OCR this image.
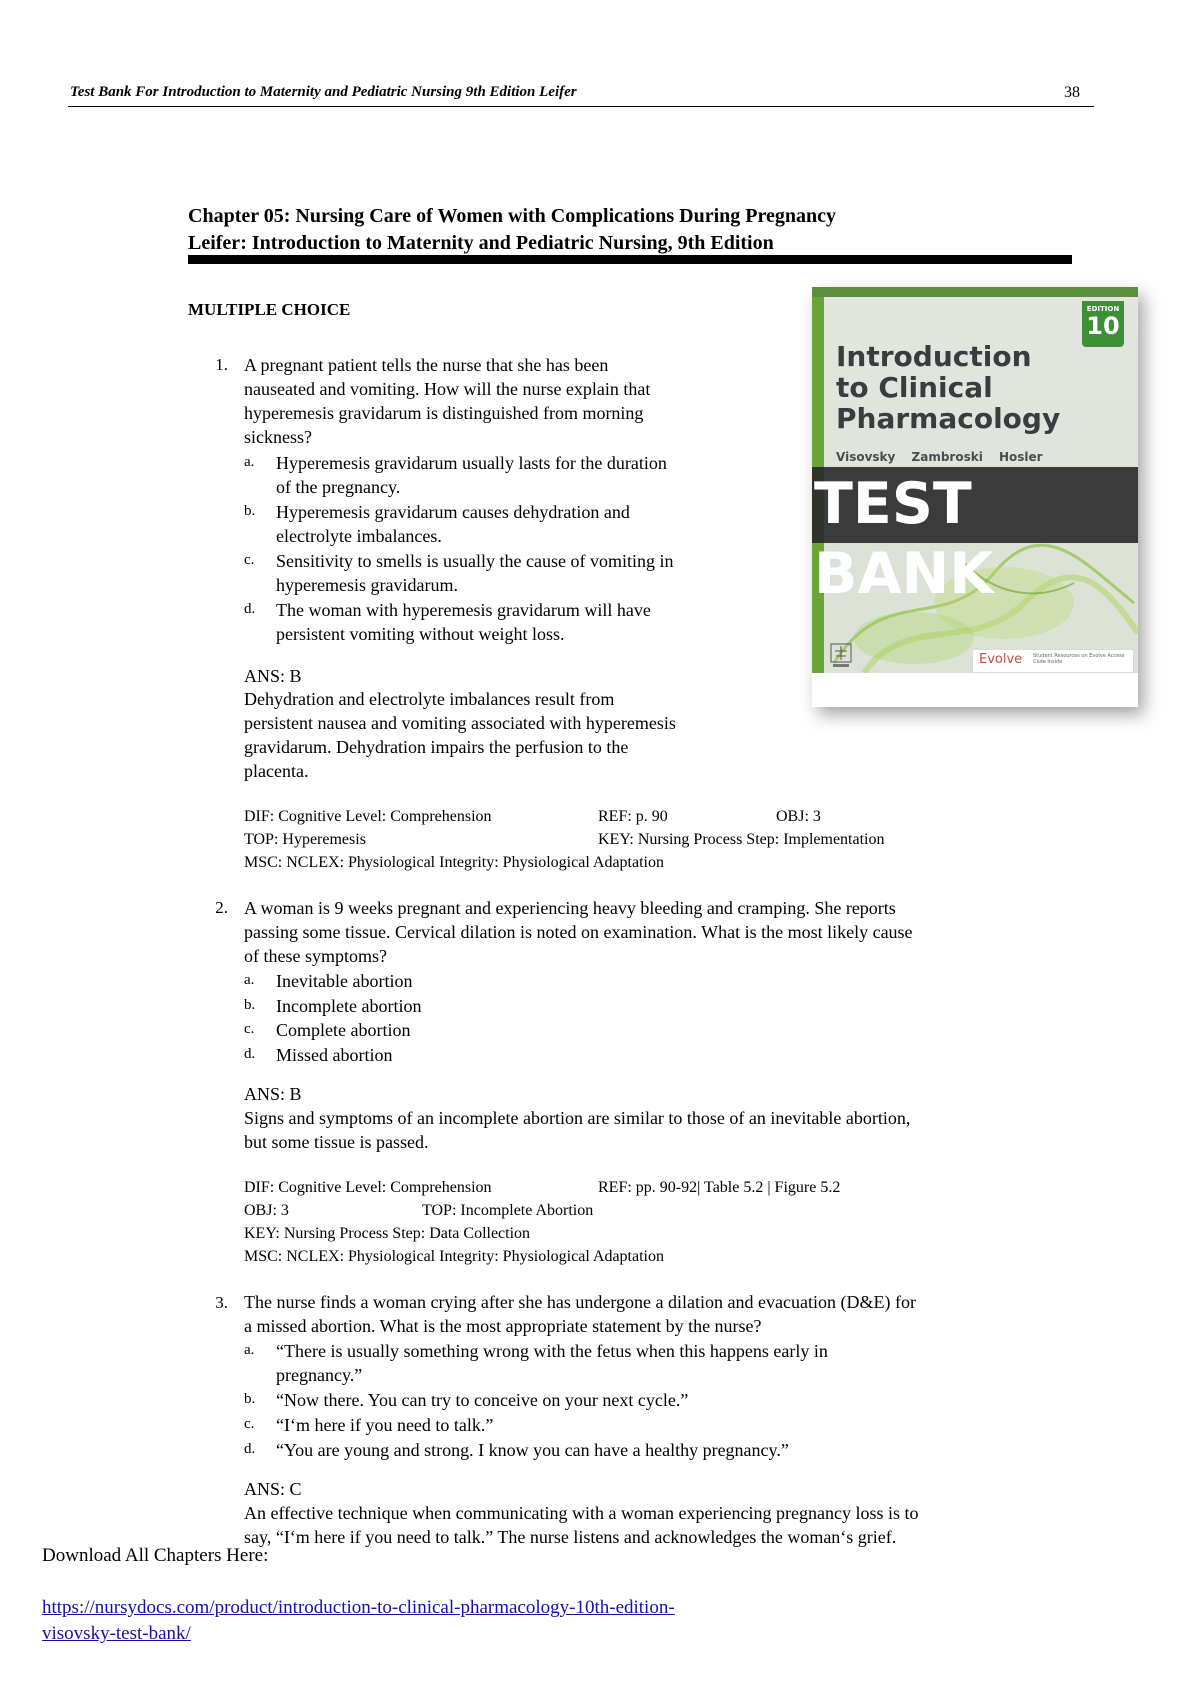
Test Bank For Introduction to Maternity and Pediatric Nursing 9th Edition Leifer	38
Chapter 05: Nursing Care of Women with Complications During Pregnancy
Leifer: Introduction to Maternity and Pediatric Nursing, 9th Edition
MULTIPLE CHOICE	EDITION
10
Introduction
to Clinical
Pharmacology
Visovsky Zambroski Hosler
TEST BANK
Evolve Student Resources on Evolve Access Code Inside
1. A pregnant patient tells the nurse that she has been
nauseated and vomiting. How will the nurse explain that
hyperemesis gravidarum is distinguished from morning
sickness?
a. Hyperemesis gravidarum usually lasts for the duration
of the pregnancy.
b. Hyperemesis gravidarum causes dehydration and
electrolyte imbalances.
c. Sensitivity to smells is usually the cause of vomiting in
hyperemesis gravidarum.
d. The woman with hyperemesis gravidarum will have
persistent vomiting without weight loss.
ANS: B
Dehydration and electrolyte imbalances result from
persistent nausea and vomiting associated with hyperemesis
gravidarum. Dehydration impairs the perfusion to the
placenta.
DIF: Cognitive Level: Comprehension	REF: p. 90	OBJ: 3
TOP: Hyperemesis	KEY: Nursing Process Step: Implementation
MSC: NCLEX: Physiological Integrity: Physiological Adaptation
2. A woman is 9 weeks pregnant and experiencing heavy bleeding and cramping. She reports
passing some tissue. Cervical dilation is noted on examination. What is the most likely cause
of these symptoms?
a. Inevitable abortion
b. Incomplete abortion
c. Complete abortion
d. Missed abortion
ANS: B
Signs and symptoms of an incomplete abortion are similar to those of an inevitable abortion,
but some tissue is passed.
DIF: Cognitive Level: Comprehension	REF: pp. 90-92| Table 5.2 | Figure 5.2
OBJ: 3	TOP: Incomplete Abortion
KEY: Nursing Process Step: Data Collection
MSC: NCLEX: Physiological Integrity: Physiological Adaptation
3. The nurse finds a woman crying after she has undergone a dilation and evacuation (D&E) for
a missed abortion. What is the most appropriate statement by the nurse?
a. “There is usually something wrong with the fetus when this happens early in
pregnancy.”
b. “Now there. You can try to conceive on your next cycle.”
c. “I‘m here if you need to talk.”
d. “You are young and strong. I know you can have a healthy pregnancy.”
ANS: C
An effective technique when communicating with a woman experiencing pregnancy loss is to
say, “I‘m here if you need to talk.” The nurse listens and acknowledges the woman‘s grief.
Download All Chapters Here:
https://nursydocs.com/product/introduction-to-clinical-pharmacology-10th-edition-
visovsky-test-bank/
